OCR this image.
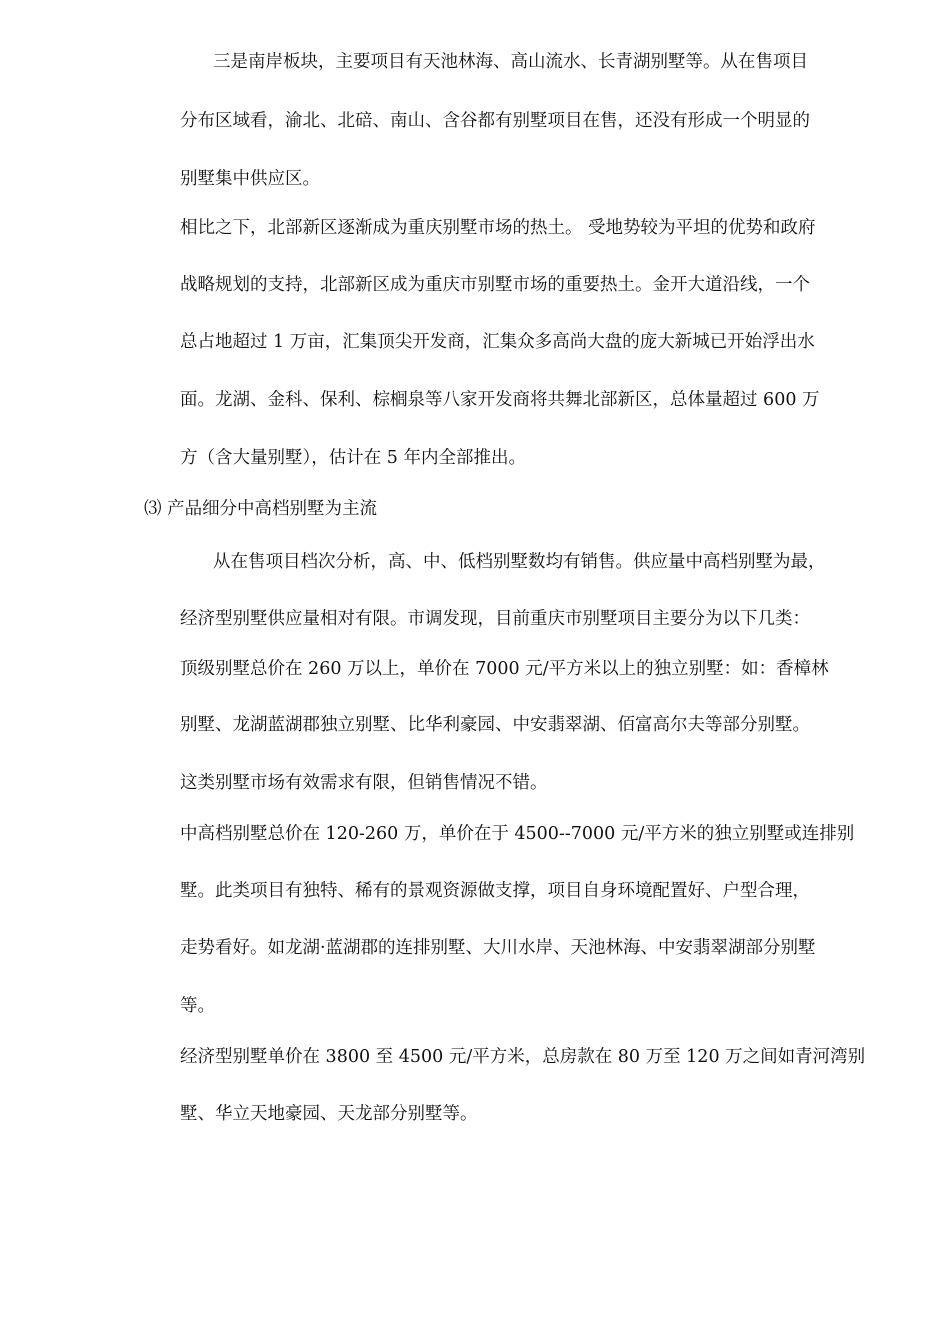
三是南岸板块，主要项目有天池林海、高山流水、长青湖别墅等。从在售项目
分布区域看，渝北、北碚、南山、含谷都有别墅项目在售，还没有形成一个明显的
别墅集中供应区。
相比之下，北部新区逐渐成为重庆别墅市场的热土。 受地势较为平坦的优势和政府
战略规划的支持，北部新区成为重庆市别墅市场的重要热土。金开大道沿线，一个
总占地超过 1 万亩，汇集顶尖开发商，汇集众多高尚大盘的庞大新城已开始浮出水
面。龙湖、金科、保利、棕榈泉等八家开发商将共舞北部新区，总体量超过 600 万
方（含大量别墅），估计在 5 年内全部推出。
⑶ 产品细分中高档别墅为主流
从在售项目档次分析，高、中、低档别墅数均有销售。供应量中高档别墅为最，
经济型别墅供应量相对有限。市调发现，目前重庆市别墅项目主要分为以下几类：
顶级别墅总价在 260 万以上，单价在 7000 元/平方米以上的独立别墅：如：香樟林
别墅、龙湖蓝湖郡独立别墅、比华利豪园、中安翡翠湖、佰富高尔夫等部分别墅。
这类别墅市场有效需求有限，但销售情况不错。
中高档别墅总价在 120-260 万，单价在于 4500--7000 元/平方米的独立别墅或连排别
墅。此类项目有独特、稀有的景观资源做支撑，项目自身环境配置好、户型合理，
走势看好。如龙湖·蓝湖郡的连排别墅、大川水岸、天池林海、中安翡翠湖部分别墅
等。
经济型别墅单价在 3800 至 4500 元/平方米，总房款在 80 万至 120 万之间如青河湾别
墅、华立天地豪园、天龙部分别墅等。
